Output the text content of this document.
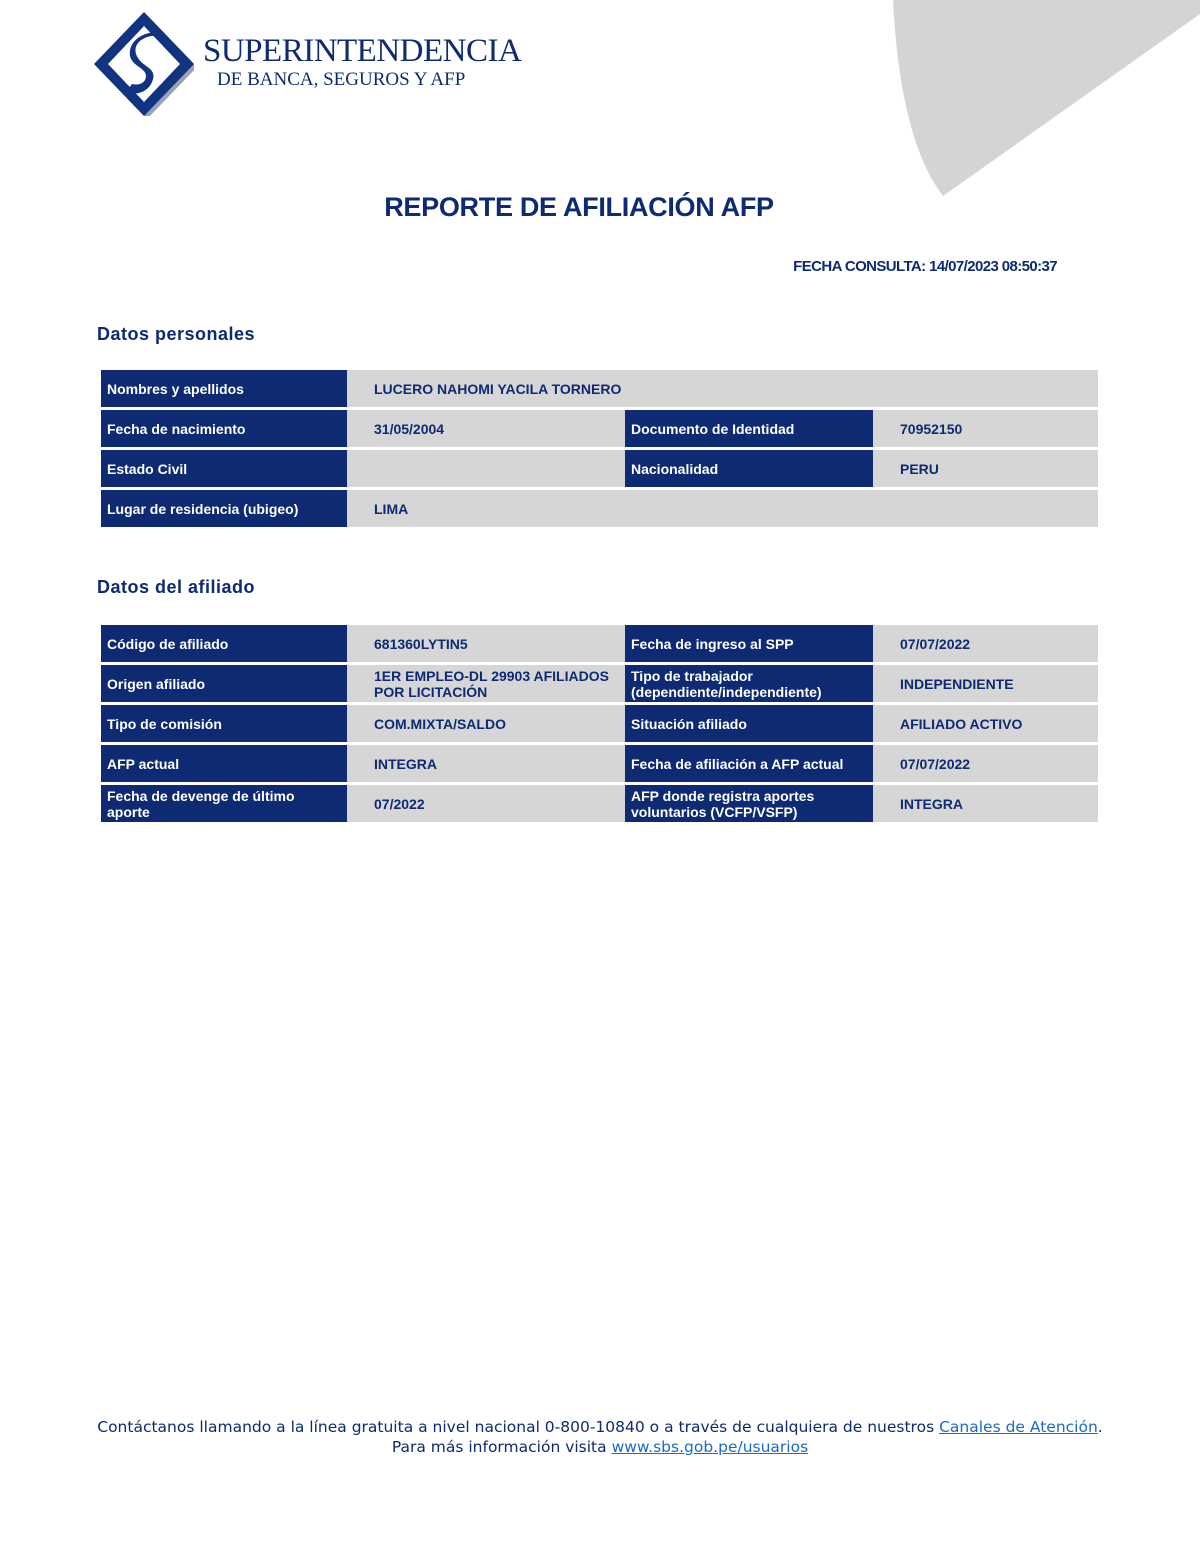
SUPERINTENDENCIA
DE BANCA, SEGUROS Y AFP
REPORTE DE AFILIACIÓN AFP
FECHA CONSULTA: 14/07/2023 08:50:37
Datos personales
Nombres y apellidos	LUCERO NAHOMI YACILA TORNERO		
Fecha de nacimiento	31/05/2004	Documento de Identidad	70952150
Estado Civil		Nacionalidad	PERU
Lugar de residencia (ubigeo)	LIMA		
Datos del afiliado
Código de afiliado	681360LYTIN5	Fecha de ingreso al SPP	07/07/2022
Origen afiliado	1ER EMPLEO-DL 29903 AFILIADOS POR LICITACIÓN	Tipo de trabajador (dependiente/independiente)	INDEPENDIENTE
Tipo de comisión	COM.MIXTA/SALDO	Situación afiliado	AFILIADO ACTIVO
AFP actual	INTEGRA	Fecha de afiliación a AFP actual	07/07/2022
Fecha de devenge de último aporte	07/2022	AFP donde registra aportes voluntarios (VCFP/VSFP)	INTEGRA
Contáctanos llamando a la línea gratuita a nivel nacional 0-800-10840 o a través de cualquiera de nuestros Canales de Atención.
Para más información visita www.sbs.gob.pe/usuarios
